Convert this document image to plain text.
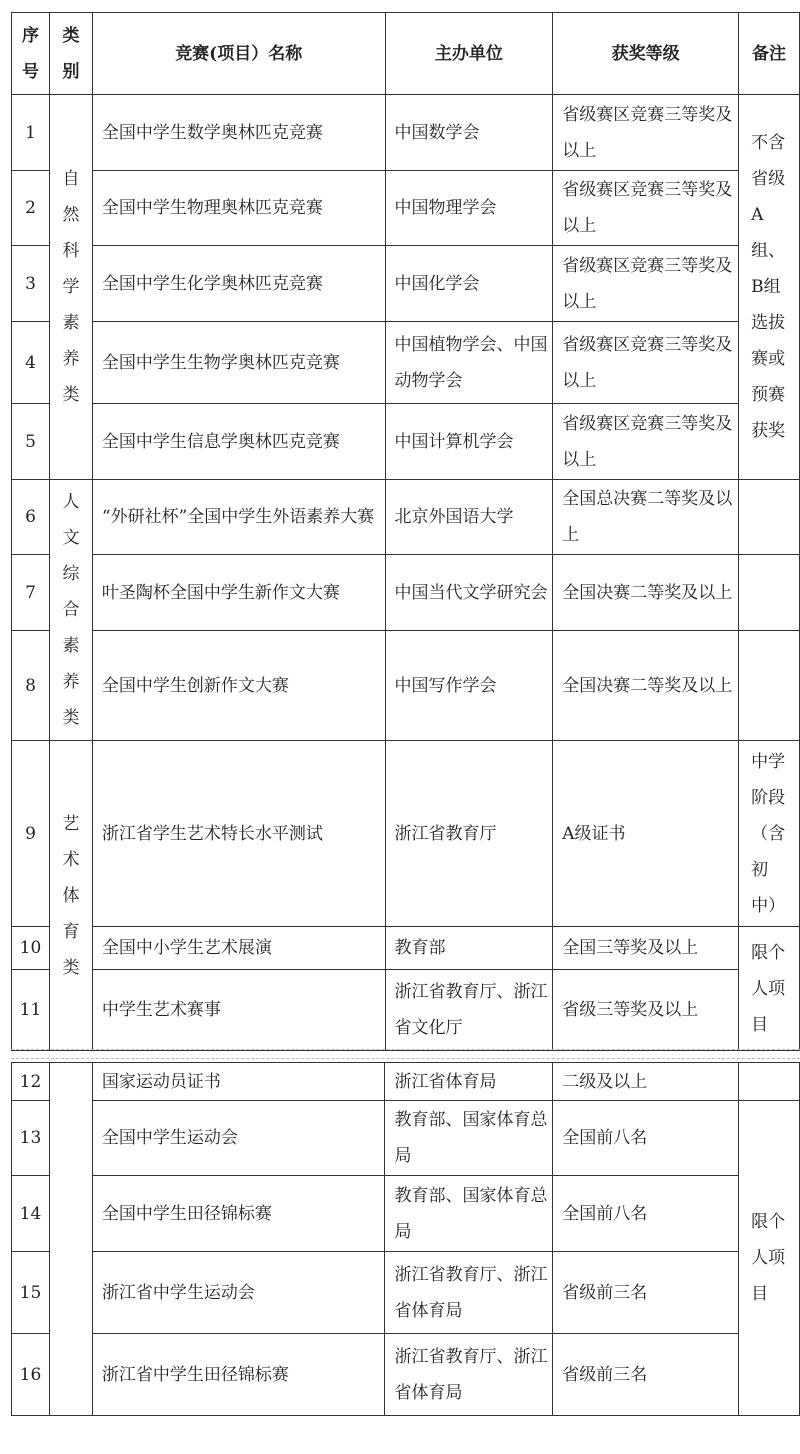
序号	类别	竞赛(项目）名称	主办单位	获奖等级	备注
1	自然科学素养类	全国中学生数学奥林匹克竞赛	中国数学会	省级赛区竞赛三等奖及以上	不含省级A组、B组选拔赛或预赛获奖

2		全国中学生物理奥林匹克竞赛	中国物理学会	省级赛区竞赛三等奖及以上	
3		全国中学生化学奥林匹克竞赛	中国化学会	省级赛区竞赛三等奖及以上	
4		全国中学生生物学奥林匹克竞赛	中国植物学会、中国动物学会	省级赛区竞赛三等奖及以上	
5		全国中学生信息学奥林匹克竞赛	中国计算机学会	省级赛区竞赛三等奖及以上	
6	人文综合素养类	“外研社杯”全国中学生外语素养大赛	北京外国语大学	全国总决赛二等奖及以上	
7		叶圣陶杯全国中学生新作文大赛	中国当代文学研究会	全国决赛二等奖及以上	
8		全国中学生创新作文大赛	中国写作学会	全国决赛二等奖及以上	
9	艺术体育类	浙江省学生艺术特长水平测试	浙江省教育厅	A级证书	中学阶段（含初中）

10		全国中小学生艺术展演	教育部	全国三等奖及以上	限个人项目

11		中学生艺术赛事	浙江省教育厅、浙江省文化厅	省级三等奖及以上	
12		国家运动员证书	浙江省体育局	二级及以上	
13		全国中学生运动会	教育部、国家体育总局	全国前八名	限个人项目

14		全国中学生田径锦标赛	教育部、国家体育总局	全国前八名	
15		浙江省中学生运动会	浙江省教育厅、浙江省体育局	省级前三名	
16		浙江省中学生田径锦标赛	浙江省教育厅、浙江省体育局	省级前三名	
